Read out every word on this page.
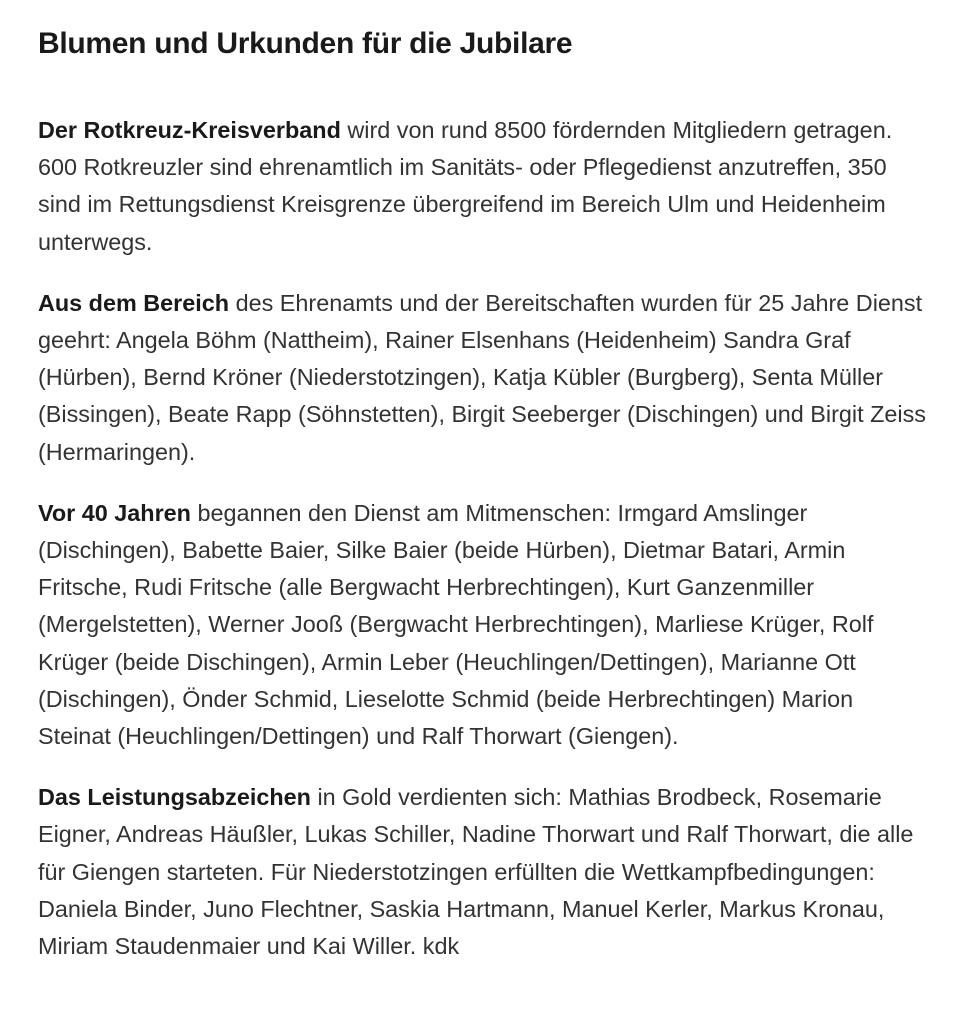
Blumen und Urkunden für die Jubilare

Der Rotkreuz-Kreisverband wird von rund 8500 fördernden Mitgliedern getragen. 600 Rotkreuzler sind ehrenamtlich im Sanitäts- oder Pflegedienst anzutreffen, 350 sind im Rettungsdienst Kreisgrenze übergreifend im Bereich Ulm und Heidenheim unterwegs.

Aus dem Bereich des Ehrenamts und der Bereitschaften wurden für 25 Jahre Dienst geehrt: Angela Böhm (Nattheim), Rainer Elsenhans (Heidenheim) Sandra Graf (Hürben), Bernd Kröner (Niederstotzingen), Katja Kübler (Burgberg), Senta Müller (Bissingen), Beate Rapp (Söhnstetten), Birgit Seeberger (Dischingen) und Birgit Zeiss (Hermaringen).

Vor 40 Jahren begannen den Dienst am Mitmenschen: Irmgard Amslinger (Dischingen), Babette Baier, Silke Baier (beide Hürben), Dietmar Batari, Armin Fritsche, Rudi Fritsche (alle Bergwacht Herbrechtingen), Kurt Ganzenmiller (Mergelstetten), Werner Jooß (Bergwacht Herbrechtingen), Marliese Krüger, Rolf Krüger (beide Dischingen), Armin Leber (Heuchlingen/Dettingen), Marianne Ott (Dischingen), Önder Schmid, Lieselotte Schmid (beide Herbrechtingen) Marion Steinat (Heuchlingen/Dettingen) und Ralf Thorwart (Giengen).

Das Leistungsabzeichen in Gold verdienten sich: Mathias Brodbeck, Rosemarie Eigner, Andreas Häußler, Lukas Schiller, Nadine Thorwart und Ralf Thorwart, die alle für Giengen starteten. Für Niederstotzingen erfüllten die Wettkampfbedingungen: Daniela Binder, Juno Flechtner, Saskia Hartmann, Manuel Kerler, Markus Kronau, Miriam Staudenmaier und Kai Willer. kdk
